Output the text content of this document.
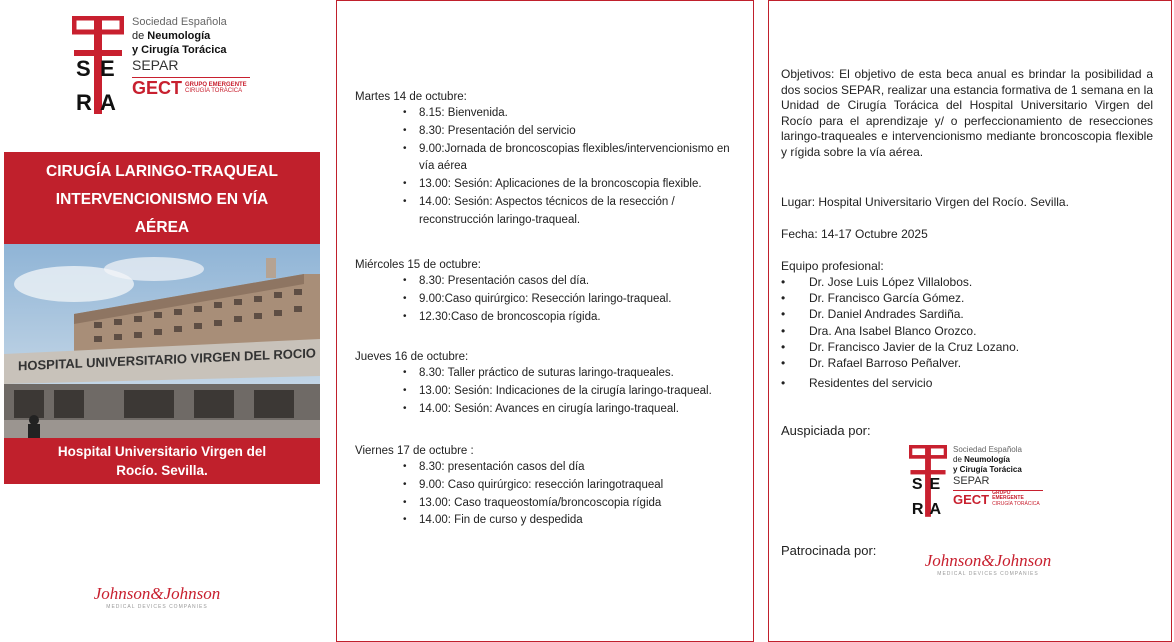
S E
R A
Sociedad Española
de Neumología
y Cirugía Torácica
SEPAR
GECT GRUPO EMERGENTE
CIRUGÍA TORÁCICA
CIRUGÍA LARINGO-TRAQUEAL
INTERVENCIONISMO EN VÍA
AÉREA
HOSPITAL UNIVERSITARIO VIRGEN DEL ROCIO
Hospital Universitario Virgen del
Rocío. Sevilla.
Johnson&Johnson
MEDICAL DEVICES COMPANIES
Martes 14 de octubre:
• 8.15: Bienvenida.
• 8.30: Presentación del servicio
• 9.00:Jornada de broncoscopias flexibles/intervencionismo en vía aérea
• 13.00: Sesión: Aplicaciones de la broncoscopia flexible.
• 14.00: Sesión: Aspectos técnicos de la resección / reconstrucción laringo-traqueal.
Miércoles 15 de octubre:
• 8.30: Presentación casos del día.
• 9.00:Caso quirúrgico: Resección laringo-traqueal.
• 12.30:Caso de broncoscopia rígida.
Jueves 16 de octubre:
• 8.30: Taller práctico de suturas laringo-traqueales.
• 13.00: Sesión: Indicaciones de la cirugía laringo-traqueal.
• 14.00: Sesión: Avances en cirugía laringo-traqueal.
Viernes 17 de octubre :
• 8.30: presentación casos del día
• 9.00: Caso quirúrgico: resección laringotraqueal
• 13.00: Caso traqueostomía/broncoscopia rígida
• 14.00: Fin de curso y despedida
Objetivos: El objetivo de esta beca anual es brindar la posibilidad a dos socios SEPAR, realizar una estancia formativa de 1 semana en la Unidad de Cirugía Torácica del Hospital Universitario Virgen del Rocío para el aprendizaje y/ o perfeccionamiento de resecciones laringo-traqueales e intervencionismo mediante broncoscopia flexible y rígida sobre la vía aérea.
Lugar: Hospital Universitario Virgen del Rocío. Sevilla.
Fecha: 14-17 Octubre 2025
Equipo profesional:
• Dr. Jose Luis López Villalobos.
• Dr. Francisco García Gómez.
• Dr. Daniel Andrades Sardiña.
• Dra. Ana Isabel Blanco Orozco.
• Dr. Francisco Javier de la Cruz Lozano.
• Dr. Rafael Barroso Peñalver.
• Residentes del servicio
Auspiciada por:
S E
R A
Sociedad Española
de Neumología
y Cirugía Torácica
SEPAR
GECT GRUPO EMERGENTE
CIRUGÍA TORÁCICA
Patrocinada por:
Johnson&Johnson
MEDICAL DEVICES COMPANIES
